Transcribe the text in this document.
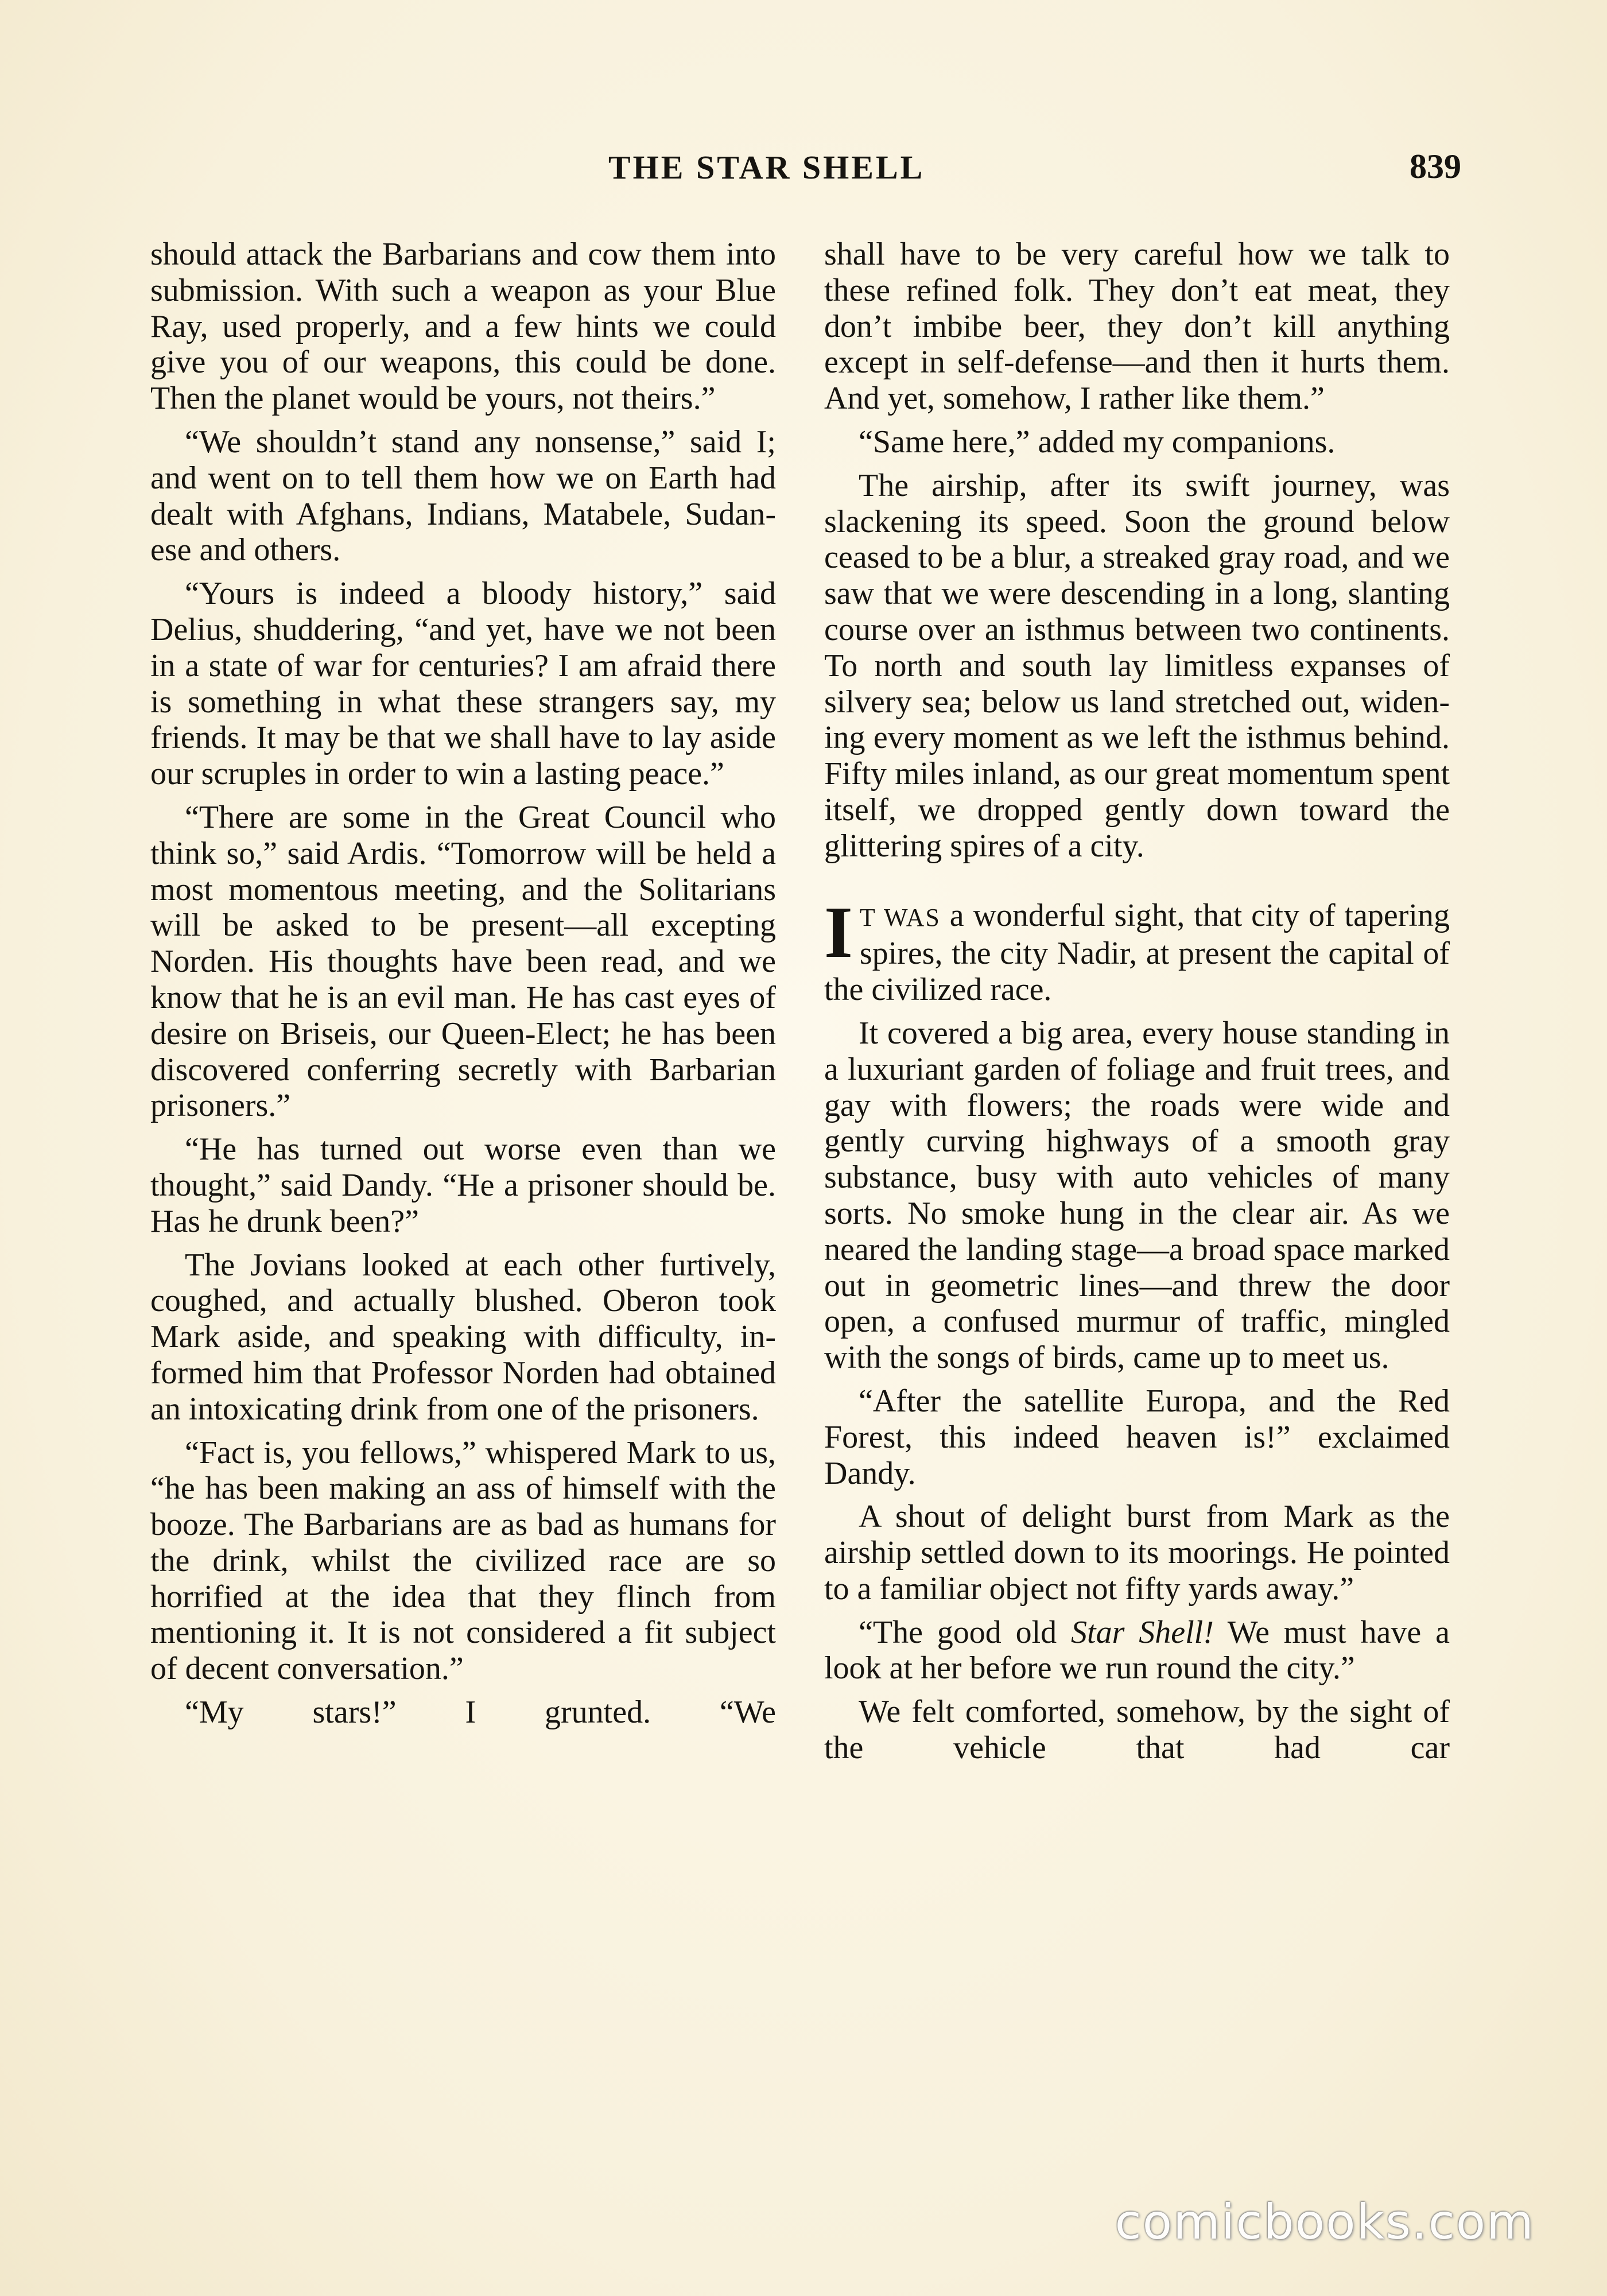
THE STAR SHELL	839

should attack the Barbarians and cow them into submission. With such a weapon as your Blue Ray, used properly, and a few hints we could give you of our weapons, this could be done. Then the planet would be yours, not theirs.”

“We shouldn’t stand any nonsense,” said I; and went on to tell them how we on Earth had dealt with Afghans, Indians, Matabele, Sudanese and others.

“Yours is indeed a bloody history,” said Delius, shuddering, “and yet, have we not been in a state of war for centuries? I am afraid there is something in what these strangers say, my friends. It may be that we shall have to lay aside our scruples in order to win a lasting peace.”

“There are some in the Great Council who think so,” said Ardis. “Tomorrow will be held a most momentous meeting, and the Solitarians will be asked to be present—all excepting Norden. His thoughts have been read, and we know that he is an evil man. He has cast eyes of desire on Briseis, our Queen-Elect; he has been discovered conferring secretly with Barbarian prisoners.”

“He has turned out worse even than we thought,” said Dandy. “He a prisoner should be. Has he drunk been?”

The Jovians looked at each other furtively, coughed, and actually blushed. Oberon took Mark aside, and speaking with difficulty, informed him that Professor Norden had obtained an intoxicating drink from one of the prisoners.

“Fact is, you fellows,” whispered Mark to us, “he has been making an ass of himself with the booze. The Barbarians are as bad as humans for the drink, whilst the civilized race are so horrified at the idea that they flinch from mentioning it. It is not considered a fit subject of decent conversation.”

“My stars!” I grunted. “We

shall have to be very careful how we talk to these refined folk. They don’t eat meat, they don’t imbibe beer, they don’t kill anything except in self-defense—and then it hurts them. And yet, somehow, I rather like them.”

“Same here,” added my companions.

The airship, after its swift journey, was slackening its speed. Soon the ground below ceased to be a blur, a streaked gray road, and we saw that we were descending in a long, slanting course over an isthmus between two continents. To north and south lay limitless expanses of silvery sea; below us land stretched out, widening every moment as we left the isthmus behind. Fifty miles inland, as our great momentum spent itself, we dropped gently down toward the glittering spires of a city.

I T WAS a wonderful sight, that city of tapering spires, the city Nadir, at present the capital of the civilized race.

It covered a big area, every house standing in a luxuriant garden of foliage and fruit trees, and gay with flowers; the roads were wide and gently curving highways of a smooth gray substance, busy with auto vehicles of many sorts. No smoke hung in the clear air. As we neared the landing stage—a broad space marked out in geometric lines—and threw the door open, a confused murmur of traffic, mingled with the songs of birds, came up to meet us.

“After the satellite Europa, and the Red Forest, this indeed heaven is!” exclaimed Dandy.

A shout of delight burst from Mark as the airship settled down to its moorings. He pointed to a familiar object not fifty yards away.”

“The good old Star Shell! We must have a look at her before we run round the city.”

We felt comforted, somehow, by the sight of the vehicle that had car

comicbooks.com
